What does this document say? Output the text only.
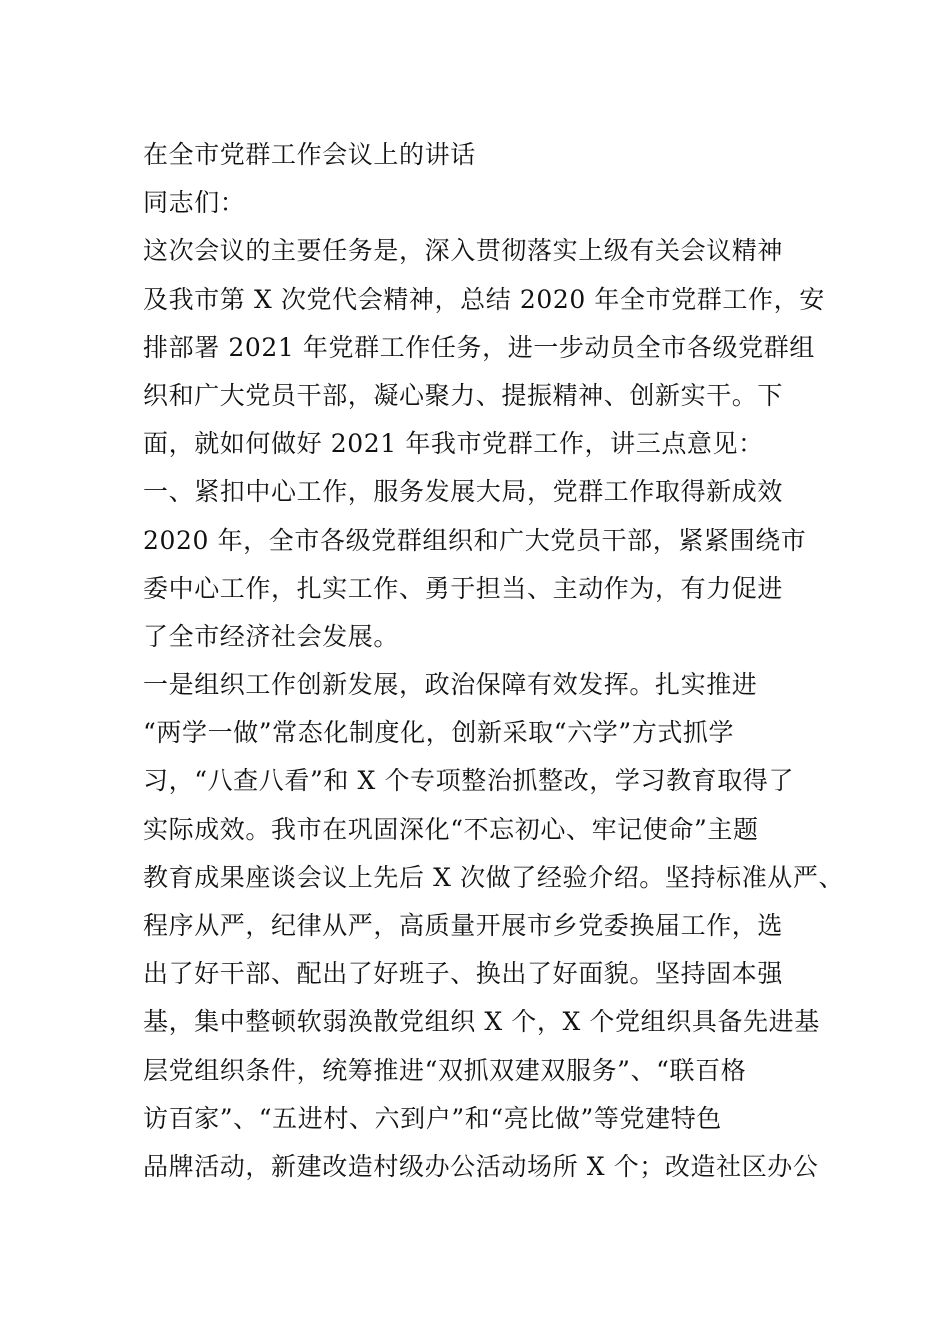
在全市党群工作会议上的讲话
同志们：
这次会议的主要任务是，深入贯彻落实上级有关会议精神
及我市第 X 次党代会精神，总结 2020 年全市党群工作，安
排部署 2021 年党群工作任务，进一步动员全市各级党群组
织和广大党员干部，凝心聚力、提振精神、创新实干。下
面，就如何做好 2021 年我市党群工作，讲三点意见：
一、紧扣中心工作，服务发展大局，党群工作取得新成效
2020 年，全市各级党群组织和广大党员干部，紧紧围绕市
委中心工作，扎实工作、勇于担当、主动作为，有力促进
了全市经济社会发展。
一是组织工作创新发展，政治保障有效发挥。扎实推进
“两学一做”常态化制度化，创新采取“六学”方式抓学
习，“八查八看”和 X 个专项整治抓整改，学习教育取得了
实际成效。我市在巩固深化“不忘初心、牢记使命”主题
教育成果座谈会议上先后 X 次做了经验介绍。坚持标准从严、
程序从严，纪律从严，高质量开展市乡党委换届工作，选
出了好干部、配出了好班子、换出了好面貌。坚持固本强
基，集中整顿软弱涣散党组织 X 个，X 个党组织具备先进基
层党组织条件，统筹推进“双抓双建双服务”、“联百格
访百家”、“五进村、六到户”和“亮比做”等党建特色
品牌活动，新建改造村级办公活动场所 X 个；改造社区办公
